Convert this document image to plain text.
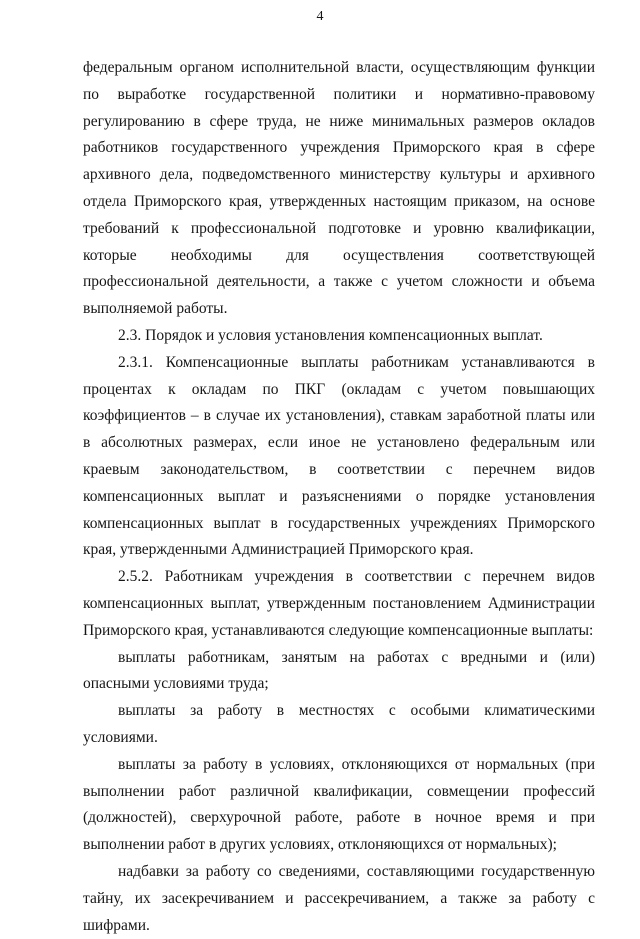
4

федеральным органом исполнительной власти, осуществляющим функции по выработке государственной политики и нормативно-правовому регулированию в сфере труда, не ниже минимальных размеров окладов работников государственного учреждения Приморского края в сфере архивного дела, подведомственного министерству культуры и архивного отдела Приморского края, утвержденных настоящим приказом, на основе требований к профессиональной подготовке и уровню квалификации, которые необходимы для осуществления соответствующей профессиональной деятельности, а также с учетом сложности и объема выполняемой работы.

2.3. Порядок и условия установления компенсационных выплат.

2.3.1. Компенсационные выплаты работникам устанавливаются в процентах к окладам по ПКГ (окладам с учетом повышающих коэффициентов – в случае их установления), ставкам заработной платы или в абсолютных размерах, если иное не установлено федеральным или краевым законодательством, в соответствии с перечнем видов компенсационных выплат и разъяснениями о порядке установления компенсационных выплат в государственных учреждениях Приморского края, утвержденными Администрацией Приморского края.

2.5.2. Работникам учреждения в соответствии с перечнем видов компенсационных выплат, утвержденным постановлением Администрации Приморского края, устанавливаются следующие компенсационные выплаты:

выплаты работникам, занятым на работах с вредными и (или) опасными условиями труда;

выплаты за работу в местностях с особыми климатическими условиями.

выплаты за работу в условиях, отклоняющихся от нормальных (при выполнении работ различной квалификации, совмещении профессий (должностей), сверхурочной работе, работе в ночное время и при выполнении работ в других условиях, отклоняющихся от нормальных);

надбавки за работу со сведениями, составляющими государственную тайну, их засекречиванием и рассекречиванием, а также за работу с шифрами.
